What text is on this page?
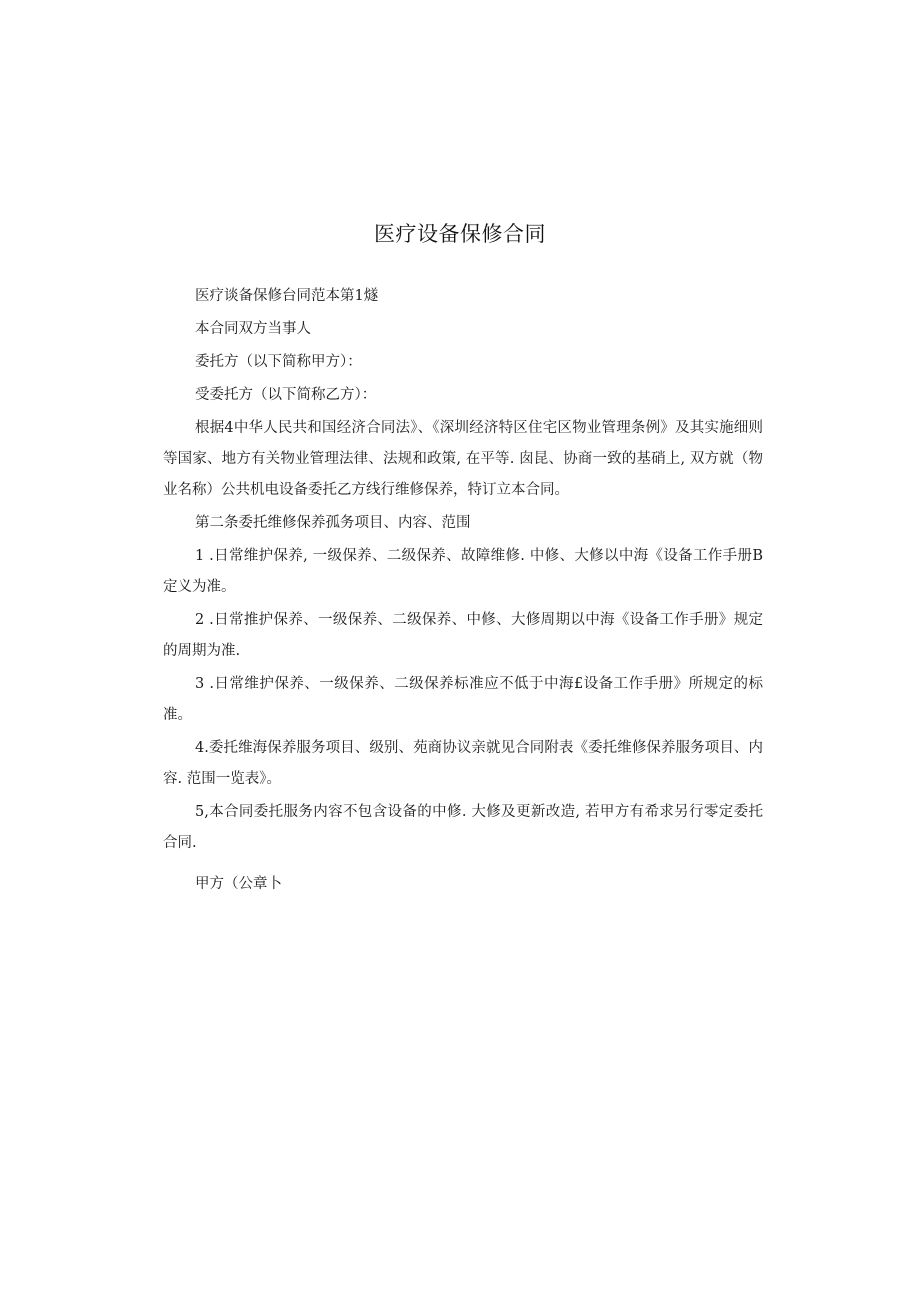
医疗设备保修合同

医疗谈备保修台同范本第1燧

本合同双方当事人

委托方（以下简称甲方）：

受委托方（以下简称乙方）：

根据4中华人民共和国经济合同法》、《深圳经济特区住宅区物业管理条例》及其实施细则等国家、地方有关物业管理法律、法规和政策, 在平等. 囱昆、协商一致的基硝上, 双方就（物业名称）公共机电设备委托乙方线行维修保养，特订立本合同。

第二条委托维修保养孤务项目、内容、范围

1 .日常维护保养, 一级保养、二级保养、故障维修. 中修、大修以中海《设备工作手册B定义为准。

2 .日常推护保养、一级保养、二级保养、中修、大修周期以中海《设备工作手册》规定的周期为准.

3 .日常维护保养、一级保养、二级保养标准应不低于中海£设备工作手册》所规定的标准。

4.委托维海保养服务项目、级别、苑商协议亲就见合同附表《委托维修保养服务项目、内容. 范围一览表》。

5,本合同委托服务内容不包含设备的中修. 大修及更新改造, 若甲方有希求另行零定委托合同.

甲方（公章卜
